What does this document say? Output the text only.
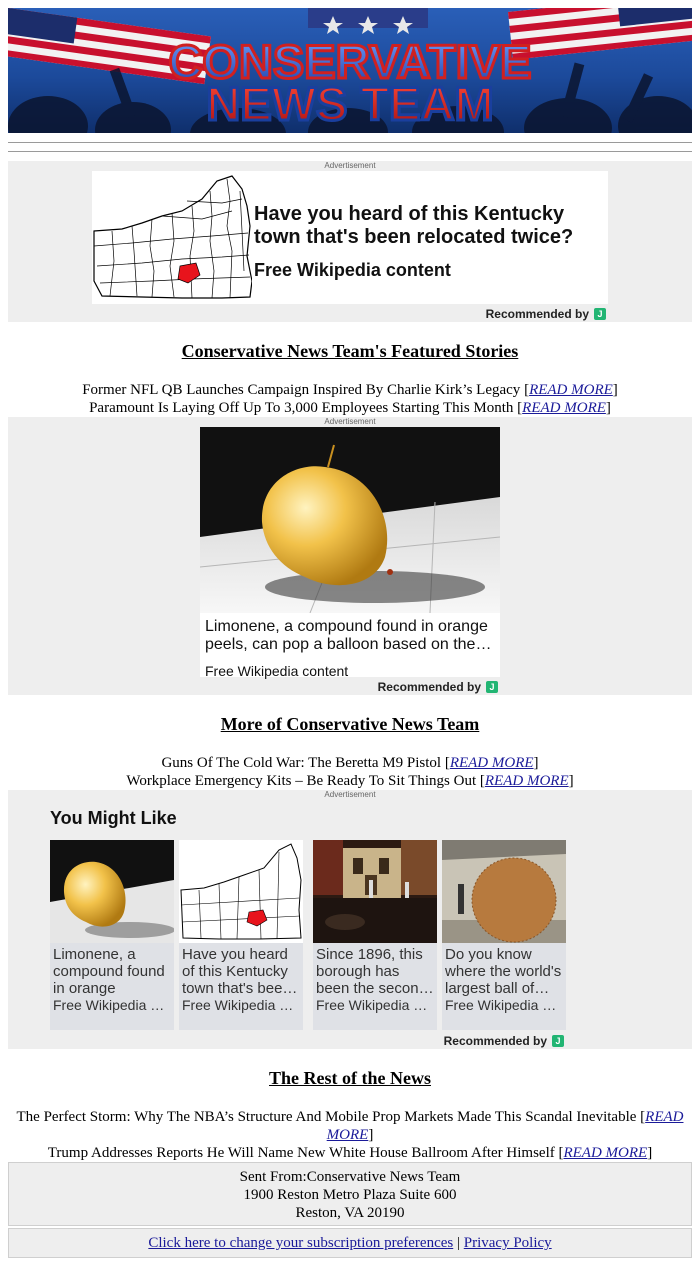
CONSERVATIVE
NEWS TEAM
Advertisement
Have you heard of this Kentucky town that's been relocated twice?
Free Wikipedia content
Recommended by J
Conservative News Team's Featured Stories
Former NFL QB Launches Campaign Inspired By Charlie Kirk’s Legacy [READ MORE]
Paramount Is Laying Off Up To 3,000 Employees Starting This Month [READ MORE]
Advertisement
Limonene, a compound found in orange peels, can pop a balloon based on the…
Free Wikipedia content
Recommended by J
More of Conservative News Team
Guns Of The Cold War: The Beretta M9 Pistol [READ MORE]
Workplace Emergency Kits – Be Ready To Sit Things Out [READ MORE]
Advertisement
You Might Like
Limonene, a compound found in orange
Free Wikipedia c…
Have you heard of this Kentucky town that's bee…
Free Wikipedia c…
Since 1896, this borough has been the secon…
Free Wikipedia c…
Do you know where the world's largest ball of…
Free Wikipedia c…
Recommended by J
The Rest of the News
The Perfect Storm: Why The NBA’s Structure And Mobile Prop Markets Made This Scandal Inevitable [READ MORE]
Trump Addresses Reports He Will Name New White House Ballroom After Himself [READ MORE]
Sent From:Conservative News Team
1900 Reston Metro Plaza Suite 600
Reston, VA 20190
Click here to change your subscription preferences | Privacy Policy
